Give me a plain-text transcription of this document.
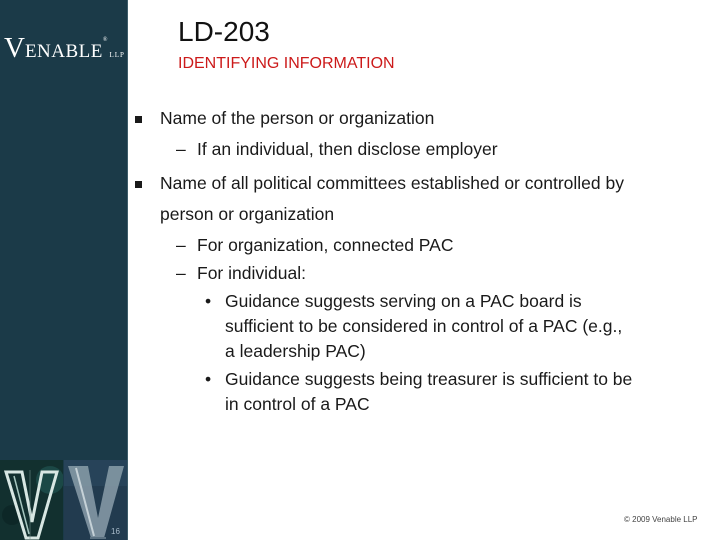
VENABLE®LLP
16
LD-203
IDENTIFYING INFORMATION
Name of the person or organization
– If an individual, then disclose employer
Name of all political committees established or controlled by
person or organization
– For organization, connected PAC
– For individual:
• Guidance suggests serving on a PAC board is
sufficient to be considered in control of a PAC (e.g.,
a leadership PAC)
• Guidance suggests being treasurer is sufficient to be
in control of a PAC
© 2009 Venable LLP
